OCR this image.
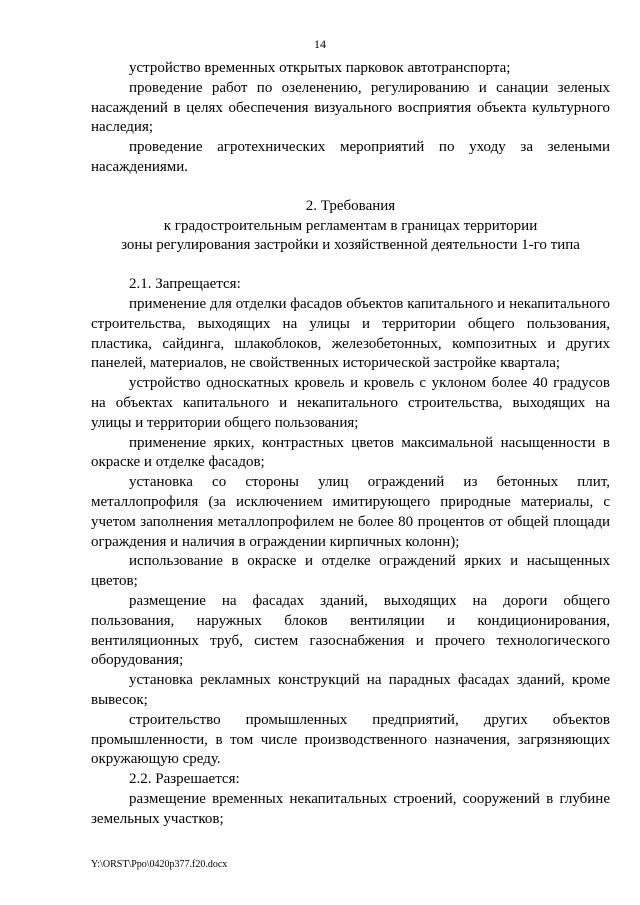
14

устройство временных открытых парковок автотранспорта;

проведение работ по озеленению, регулированию и санации зеленых насаждений в целях обеспечения визуального восприятия объекта культурного наследия;

проведение агротехнических мероприятий по уходу за зелеными насаждениями.

2. Требования

к градостроительным регламентам в границах территории

зоны регулирования застройки и хозяйственной деятельности 1-го типа

2.1. Запрещается:

применение для отделки фасадов объектов капитального и некапитального строительства, выходящих на улицы и территории общего пользования, пластика, сайдинга, шлакоблоков, железобетонных, композитных и других панелей, материалов, не свойственных исторической застройке квартала;

устройство односкатных кровель и кровель с уклоном более 40 градусов на объектах капитального и некапитального строительства, выходящих на улицы и территории общего пользования;

применение ярких, контрастных цветов максимальной насыщенности в окраске и отделке фасадов;

установка со стороны улиц ограждений из бетонных плит, металлопрофиля (за исключением имитирующего природные материалы, с учетом заполнения металлопрофилем не более 80 процентов от общей площади ограждения и наличия в ограждении кирпичных колонн);

использование в окраске и отделке ограждений ярких и насыщенных цветов;

размещение на фасадах зданий, выходящих на дороги общего пользования, наружных блоков вентиляции и кондиционирования, вентиляционных труб, систем газоснабжения и прочего технологического оборудования;

установка рекламных конструкций на парадных фасадах зданий, кроме вывесок;

строительство промышленных предприятий, других объектов промышленности, в том числе производственного назначения, загрязняющих окружающую среду.

2.2. Разрешается:

размещение временных некапитальных строений, сооружений в глубине земельных участков;

Y:\ORST\Ppo\0420p377.f20.docx
